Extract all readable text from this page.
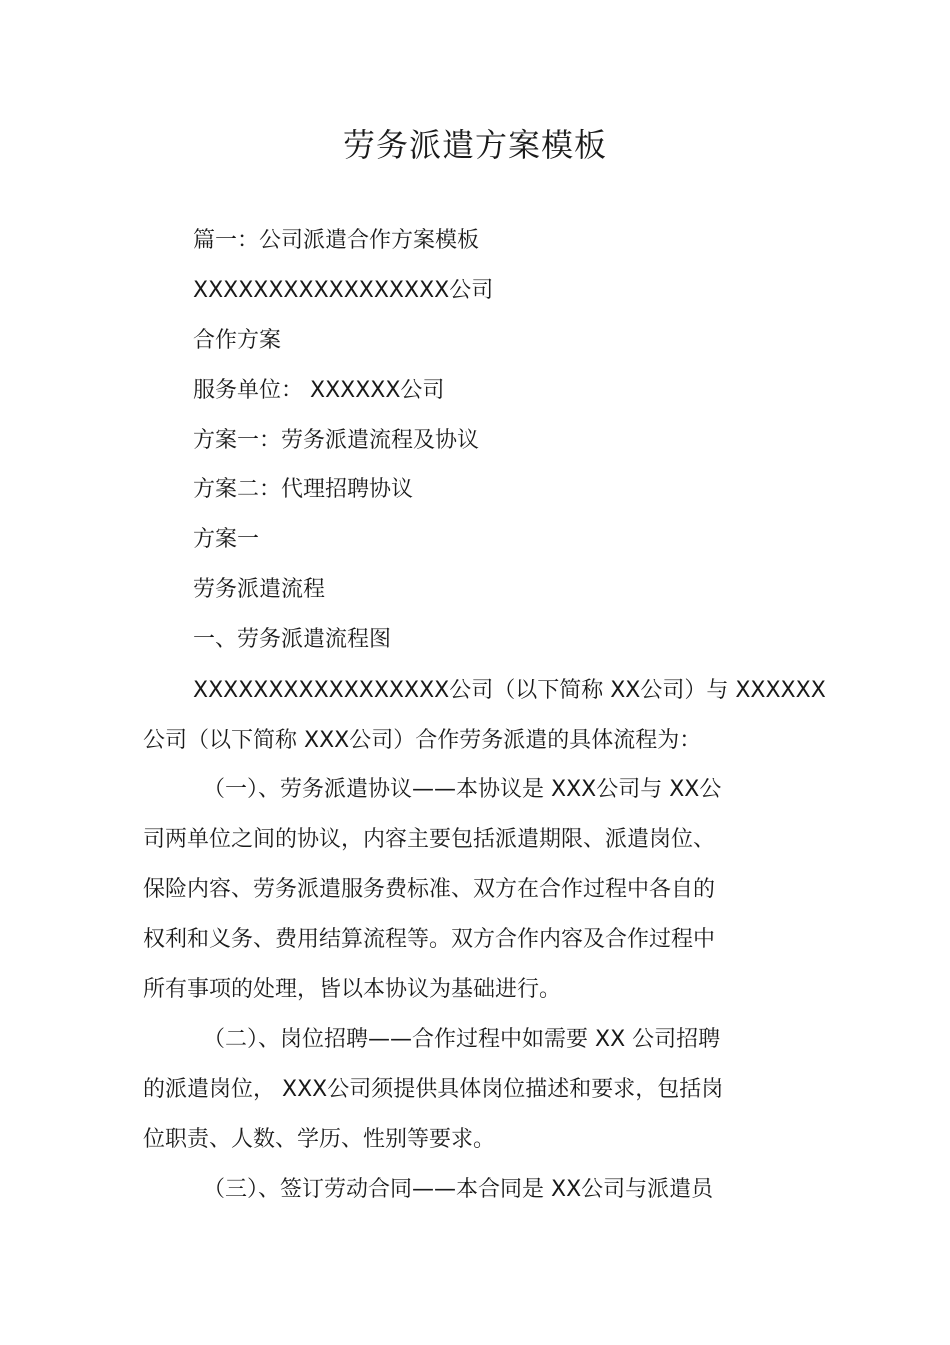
劳务派遣方案模板
篇一：公司派遣合作方案模板
XXXXXXXXXXXXXXXXX公司
合作方案
服务单位： XXXXXX公司
方案一：劳务派遣流程及协议
方案二：代理招聘协议
方案一
劳务派遣流程
一、劳务派遣流程图
XXXXXXXXXXXXXXXXX公司（以下简称 XX公司）与 XXXXXX
公司（以下简称 XXX公司）合作劳务派遣的具体流程为：
（一）、劳务派遣协议——本协议是 XXX公司与 XX公
司两单位之间的协议，内容主要包括派遣期限、派遣岗位、
保险内容、劳务派遣服务费标准、双方在合作过程中各自的
权利和义务、费用结算流程等。双方合作内容及合作过程中
所有事项的处理，皆以本协议为基础进行。
（二）、岗位招聘——合作过程中如需要 XX 公司招聘
的派遣岗位， XXX公司须提供具体岗位描述和要求，包括岗
位职责、人数、学历、性别等要求。
（三）、签订劳动合同——本合同是 XX公司与派遣员
